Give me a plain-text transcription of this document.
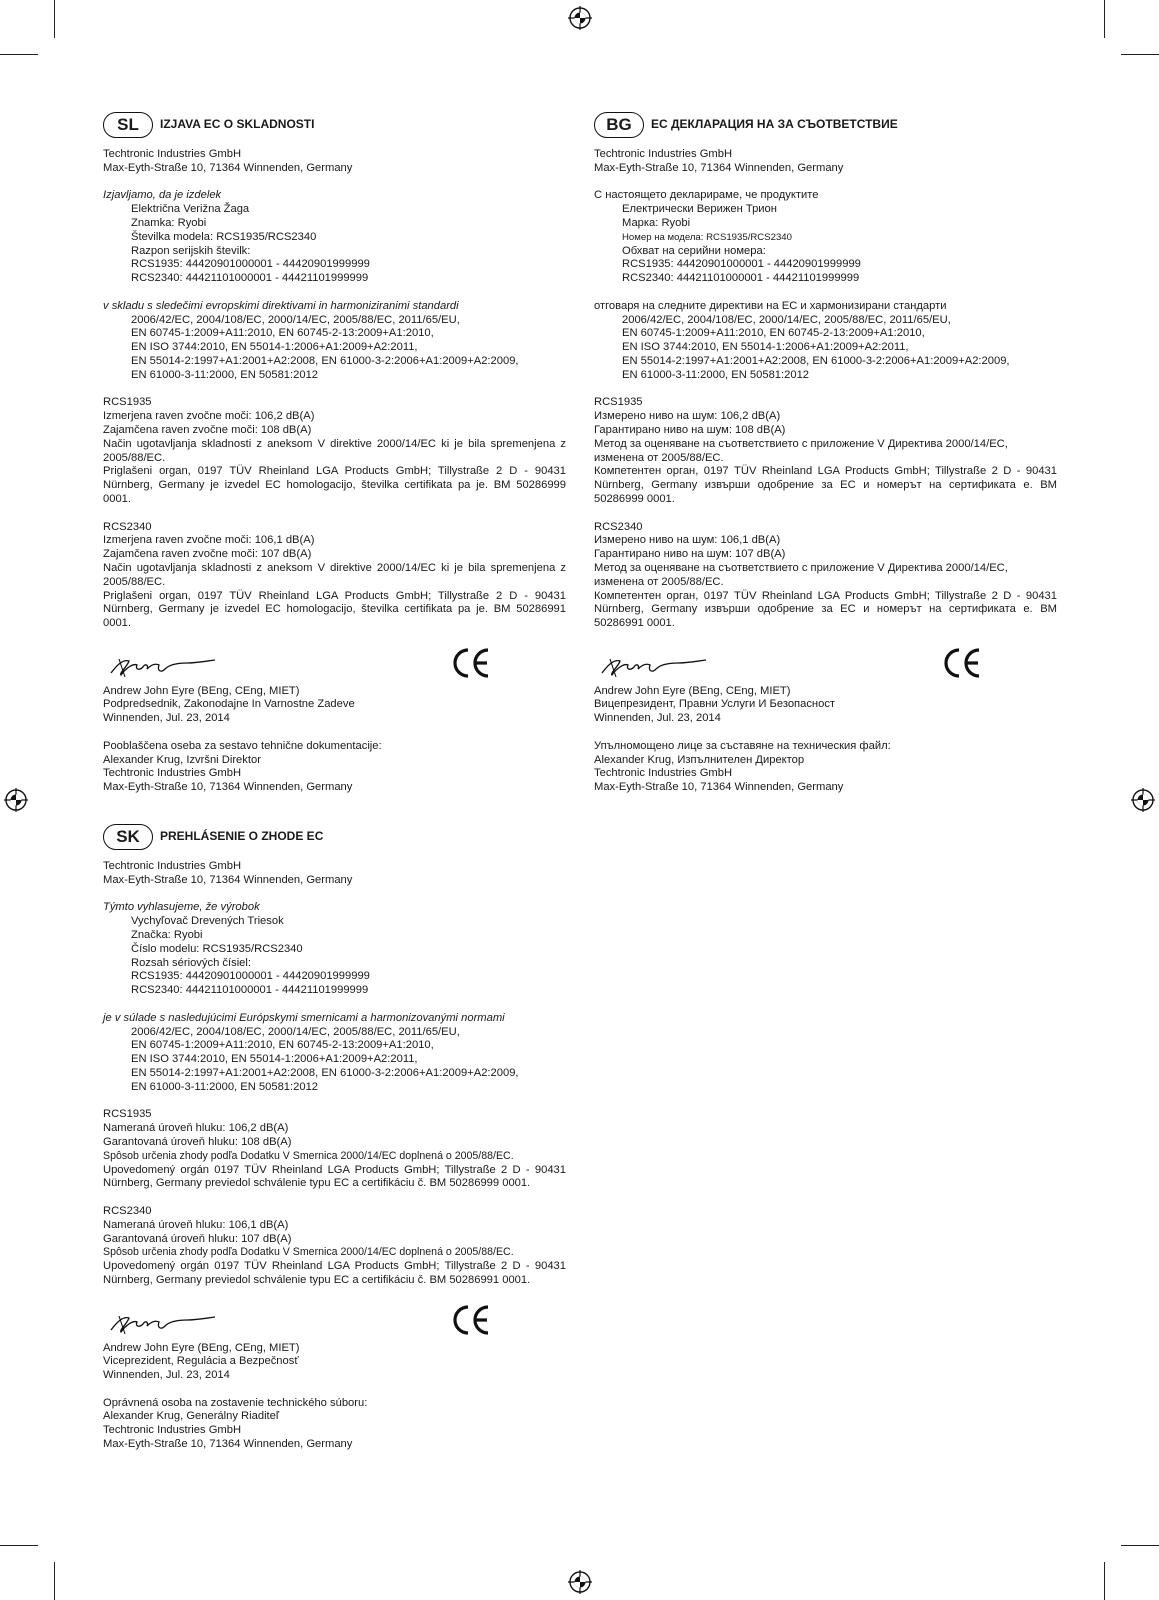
SL	IZJAVA EC O SKLADNOSTI
Techtronic Industries GmbH
Max-Eyth-Straße 10, 71364 Winnenden, Germany
Izjavljamo, da je izdelek
Električna Verižna Žaga
Znamka: Ryobi
Številka modela: RCS1935/RCS2340
Razpon serijskih številk:
RCS1935: 44420901000001 - 44420901999999
RCS2340: 44421101000001 - 44421101999999
v skladu s sledečimi evropskimi direktivami in harmoniziranimi standardi
2006/42/EC, 2004/108/EC, 2000/14/EC, 2005/88/EC, 2011/65/EU,
EN 60745-1:2009+A11:2010, EN 60745-2-13:2009+A1:2010,
EN ISO 3744:2010, EN 55014-1:2006+A1:2009+A2:2011,
EN 55014-2:1997+A1:2001+A2:2008, EN 61000-3-2:2006+A1:2009+A2:2009,
EN 61000-3-11:2000, EN 50581:2012
RCS1935
Izmerjena raven zvočne moči: 106,2 dB(A)
Zajamčena raven zvočne moči: 108 dB(A)
Način ugotavljanja skladnosti z aneksom V direktive 2000/14/EC ki je bila spremenjena z 2005/88/EC.
Priglašeni organ, 0197 TÜV Rheinland LGA Products GmbH; Tillystraße 2 D - 90431 Nürnberg, Germany je izvedel EC homologacijo, številka certifikata pa je. BM 50286999 0001.
RCS2340
Izmerjena raven zvočne moči: 106,1 dB(A)
Zajamčena raven zvočne moči: 107 dB(A)
Način ugotavljanja skladnosti z aneksom V direktive 2000/14/EC ki je bila spremenjena z 2005/88/EC.
Priglašeni organ, 0197 TÜV Rheinland LGA Products GmbH; Tillystraße 2 D - 90431 Nürnberg, Germany je izvedel EC homologacijo, številka certifikata pa je. BM 50286991 0001.
Andrew John Eyre (BEng, CEng, MIET)
Podpredsednik, Zakonodajne In Varnostne Zadeve
Winnenden, Jul. 23, 2014
Pooblaščena oseba za sestavo tehnične dokumentacije:
Alexander Krug, Izvršni Direktor
Techtronic Industries GmbH
Max-Eyth-Straße 10, 71364 Winnenden, Germany
SK	PREHLÁSENIE O ZHODE EC
Techtronic Industries GmbH
Max-Eyth-Straße 10, 71364 Winnenden, Germany
Týmto vyhlasujeme, že výrobok
Vychyľovač Drevených Triesok
Značka: Ryobi
Číslo modelu: RCS1935/RCS2340
Rozsah sériových čísiel:
RCS1935: 44420901000001 - 44420901999999
RCS2340: 44421101000001 - 44421101999999
je v súlade s nasledujúcimi Európskymi smernicami a harmonizovanými normami
2006/42/EC, 2004/108/EC, 2000/14/EC, 2005/88/EC, 2011/65/EU,
EN 60745-1:2009+A11:2010, EN 60745-2-13:2009+A1:2010,
EN ISO 3744:2010, EN 55014-1:2006+A1:2009+A2:2011,
EN 55014-2:1997+A1:2001+A2:2008, EN 61000-3-2:2006+A1:2009+A2:2009,
EN 61000-3-11:2000, EN 50581:2012
RCS1935
Nameraná úroveň hluku: 106,2 dB(A)
Garantovaná úroveň hluku: 108 dB(A)
Spôsob určenia zhody podľa Dodatku V Smernica 2000/14/EC doplnená o 2005/88/EC.
Upovedomený orgán 0197 TÜV Rheinland LGA Products GmbH; Tillystraße 2 D - 90431 Nürnberg, Germany previedol schválenie typu EC a certifikáciu č. BM 50286999 0001.
RCS2340
Nameraná úroveň hluku: 106,1 dB(A)
Garantovaná úroveň hluku: 107 dB(A)
Spôsob určenia zhody podľa Dodatku V Smernica 2000/14/EC doplnená o 2005/88/EC.
Upovedomený orgán 0197 TÜV Rheinland LGA Products GmbH; Tillystraße 2 D - 90431 Nürnberg, Germany previedol schválenie typu EC a certifikáciu č. BM 50286991 0001.
Andrew John Eyre (BEng, CEng, MIET)
Viceprezident, Regulácia a Bezpečnosť
Winnenden, Jul. 23, 2014
Oprávnená osoba na zostavenie technického súboru:
Alexander Krug, Generálny Riaditeľ
Techtronic Industries GmbH
Max-Eyth-Straße 10, 71364 Winnenden, Germany
BG	ЕС ДЕКЛАРАЦИЯ НА ЗА СЪОТВЕТСТВИЕ
Techtronic Industries GmbH
Max-Eyth-Straße 10, 71364 Winnenden, Germany
С настоящето декларираме, че продуктите
Електрически Верижен Трион
Марка: Ryobi
Номер на модела: RCS1935/RCS2340
Обхват на серийни номера:
RCS1935: 44420901000001 - 44420901999999
RCS2340: 44421101000001 - 44421101999999
отговаря на следните директиви на ЕС и хармонизирани стандарти
2006/42/EC, 2004/108/EC, 2000/14/EC, 2005/88/EC, 2011/65/EU,
EN 60745-1:2009+A11:2010, EN 60745-2-13:2009+A1:2010,
EN ISO 3744:2010, EN 55014-1:2006+A1:2009+A2:2011,
EN 55014-2:1997+A1:2001+A2:2008, EN 61000-3-2:2006+A1:2009+A2:2009,
EN 61000-3-11:2000, EN 50581:2012
RCS1935
Измерено ниво на шум: 106,2 dB(A)
Гарантирано ниво на шум: 108 dB(A)
Метод за оценяване на съответствието с приложение V Директива 2000/14/EC, изменена от 2005/88/EC.
Компетентен орган, 0197 TÜV Rheinland LGA Products GmbH; Tillystraße 2 D - 90431 Nürnberg, Germany извърши одобрение за ЕС и номерът на сертификата е. BM 50286999 0001.
RCS2340
Измерено ниво на шум: 106,1 dB(A)
Гарантирано ниво на шум: 107 dB(A)
Метод за оценяване на съответствието с приложение V Директива 2000/14/EC, изменена от 2005/88/EC.
Компетентен орган, 0197 TÜV Rheinland LGA Products GmbH; Tillystraße 2 D - 90431 Nürnberg, Germany извърши одобрение за ЕС и номерът на сертификата е. BM 50286991 0001.
Andrew John Eyre (BEng, CEng, MIET)
Вицепрезидент, Правни Услуги И Безопасност
Winnenden, Jul. 23, 2014
Упълномощено лице за съставяне на техническия файл:
Alexander Krug, Изпълнителен Директор
Techtronic Industries GmbH
Max-Eyth-Straße 10, 71364 Winnenden, Germany
